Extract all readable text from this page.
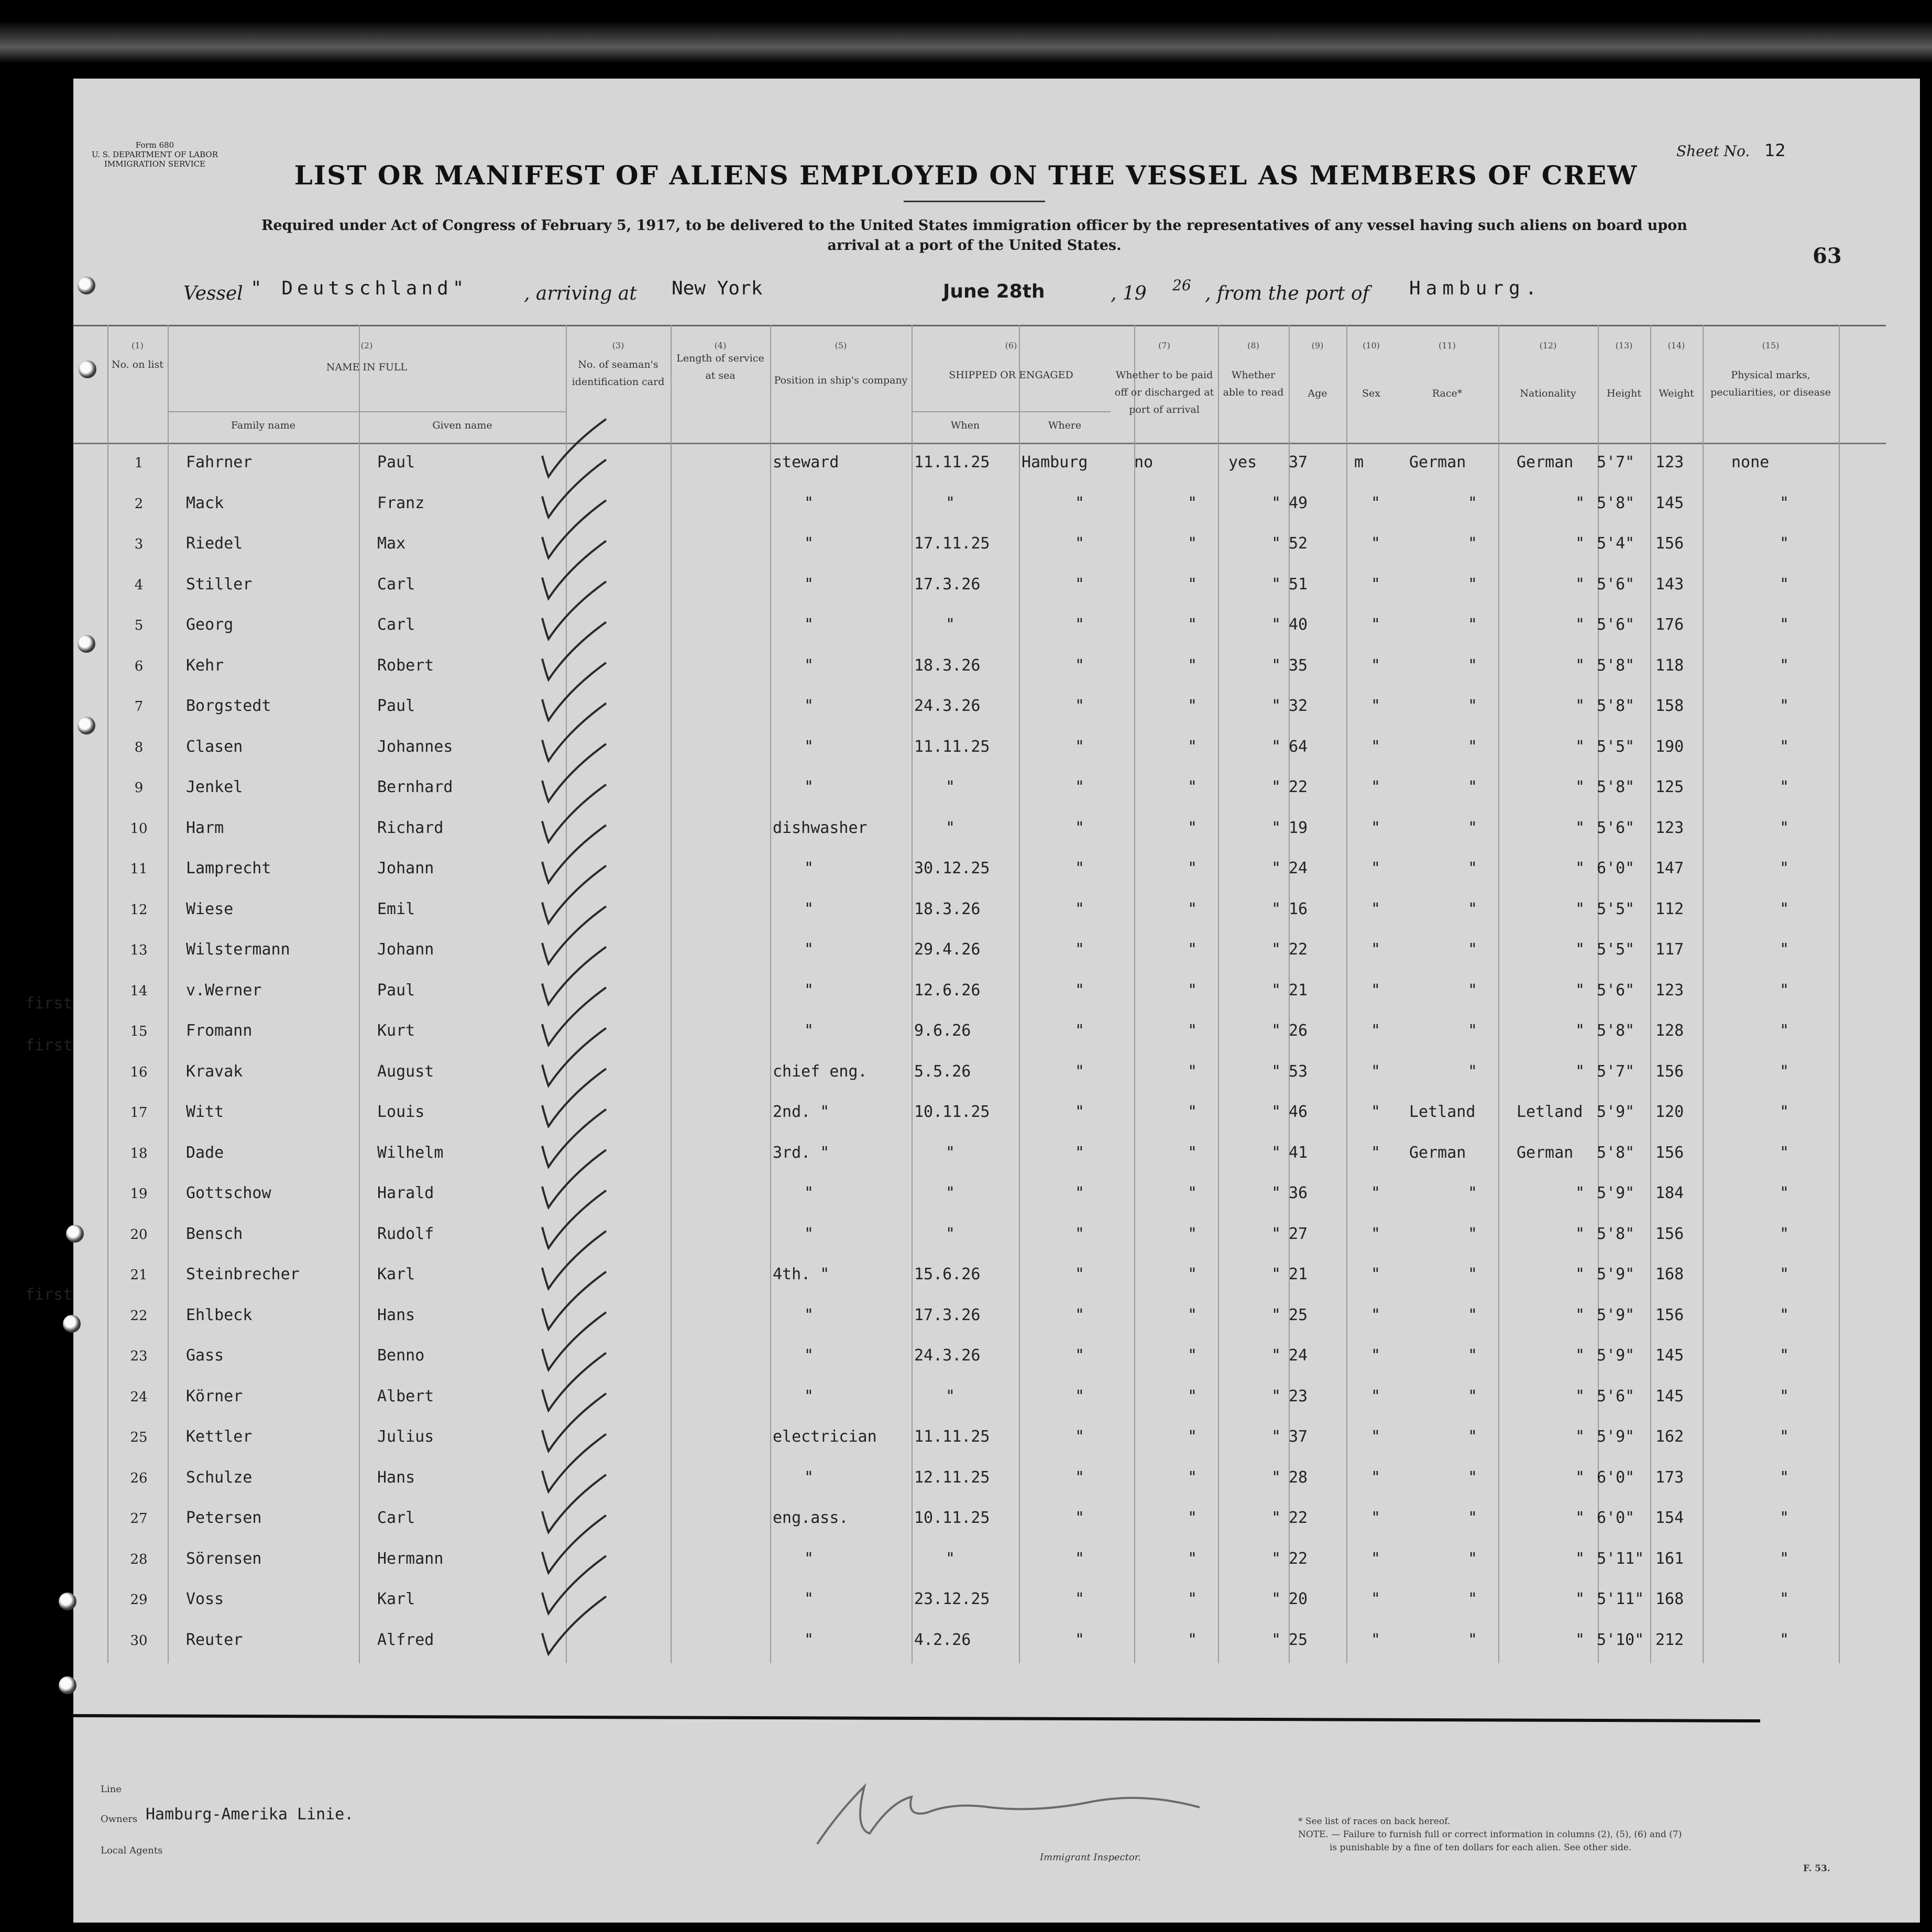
Form 680
U. S. DEPARTMENT OF LABOR
IMMIGRATION SERVICE	LIST OR MANIFEST OF ALIENS EMPLOYED ON THE VESSEL AS MEMBERS OF CREW
Required under Act of Congress of February 5, 1917, to be delivered to the United States immigration officer by the representatives of any vessel having such aliens on board upon arrival at a port of the United States.
Sheet No. 12
63
Vessel " Deutschland"	, arriving at New York	June 28th	, 19 26 , from the port of Hamburg.
(1)
No. on list
(2)
NAME IN FULL
(3)
No. of seaman's identification card
(4)
Length of service at sea
(5)
Position in ship's company
(6)
SHIPPED OR ENGAGED
(7)
Whether to be paid off or discharged at port of arrival
(8)
Whether able to read
(9)
Age
(10)
Sex
(11)
Race*
(12)
Nationality
(13)
Height
(14)
Weight
(15)
Physical marks, peculiarities, or disease
Family name	Given name	When	Where
1	Fahrner	Paul	steward	11.11.25 Hamburg	no	yes 37	m	German	German 5'7" 123	none
2	Mack	Franz	"	"	"	"	" 49	"	"	" 5'8" 145	"
3	Riedel	Max	"	17.11.25	"	"	" 52	"	"	" 5'4" 156	"
4	Stiller	Carl	"	17.3.26	"	"	" 51	"	"	" 5'6" 143	"
5	Georg	Carl	"	"	"	"	" 40	"	"	" 5'6" 176	"
6	Kehr	Robert	"	18.3.26	"	"	" 35	"	"	" 5'8" 118	"
7	Borgstedt	Paul	"	24.3.26	"	"	" 32	"	"	" 5'8" 158	"
8	Clasen	Johannes	"	11.11.25	"	"	" 64	"	"	" 5'5" 190	"
9	Jenkel	Bernhard	"	"	"	"	" 22	"	"	" 5'8" 125	"
10	Harm	Richard	dishwasher	"	"	"	" 19	"	"	" 5'6" 123	"
11	Lamprecht	Johann	"	30.12.25	"	"	" 24	"	"	" 6'0" 147	"
12	Wiese	Emil	"	18.3.26	"	"	" 16	"	"	" 5'5" 112	"
13	Wilstermann	Johann	"	29.4.26	"	"	" 22	"	"	" 5'5" 117	"
14	v.Werner	Paul	"	12.6.26	"	"	" 21	"	"	" 5'6" 123	"
15	Fromann	Kurt	"	9.6.26	"	"	" 26	"	"	" 5'8" 128	"
16	Kravak	August	chief eng.	5.5.26	"	"	" 53	"	"	" 5'7" 156	"
17	Witt	Louis	2nd. "	10.11.25	"	"	" 46	" Letland	Letland 5'9" 120	"
18	Dade	Wilhelm	3rd. "	"	"	"	" 41	" German	German 5'8" 156	"
19	Gottschow	Harald	"	"	"	"	" 36	"	"	" 5'9" 184	"
20	Bensch	Rudolf	"	"	"	"	" 27	"	"	" 5'8" 156	"
21	Steinbrecher	Karl	4th. "	15.6.26	"	"	" 21	"	"	" 5'9" 168	"
22	Ehlbeck	Hans	"	17.3.26	"	"	" 25	"	"	" 5'9" 156	"
23	Gass	Benno	"	24.3.26	"	"	" 24	"	"	" 5'9" 145	"
24	Körner	Albert	"	"	"	"	" 23	"	"	" 5'6" 145	"
25	Kettler	Julius	electrician 11.11.25	"	"	" 37	"	"	" 5'9" 162	"
26	Schulze	Hans	"	12.11.25	"	"	" 28	"	"	" 6'0" 173	"
27	Petersen	Carl	eng.ass.	10.11.25	"	"	" 22	"	"	" 6'0" 154	"
28	Sörensen	Hermann	"	"	"	"	" 22	"	"	" 5'11" 161	"
29	Voss	Karl	"	23.12.25	"	"	" 20	"	"	" 5'11" 168	"
30	Reuter	Alfred	"	4.2.26	"	"	" 25	"	"	" 5'10" 212	"
first
first
first
Line
Owners Hamburg-Amerika Linie.
Local Agents
Immigrant Inspector.
* See list of races on back hereof.
NOTE. — Failure to furnish full or correct information in columns (2), (5), (6) and (7)
is punishable by a fine of ten dollars for each alien. See other side.
F. 53.
